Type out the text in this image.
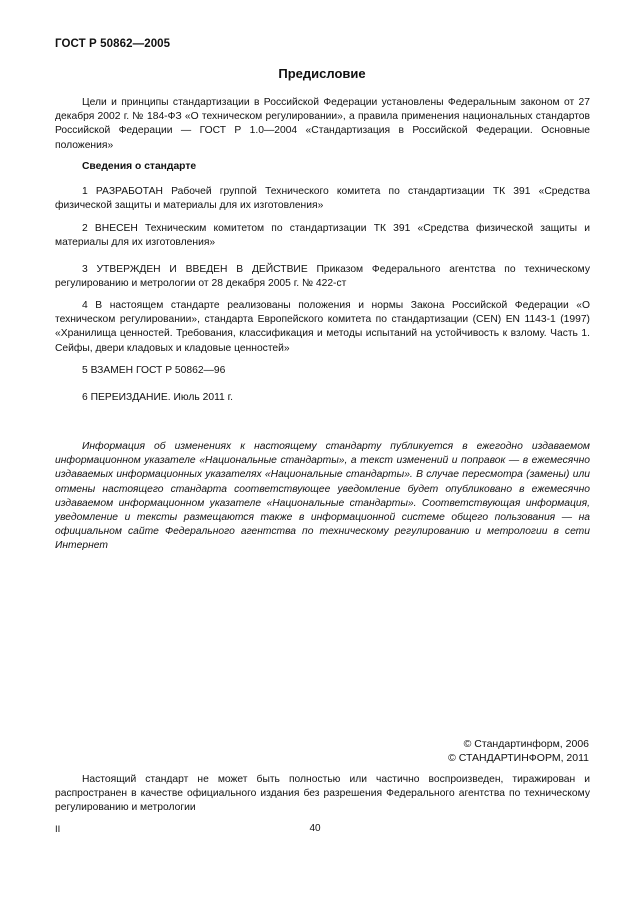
ГОСТ Р 50862—2005
Предисловие
Цели и принципы стандартизации в Российской Федерации установлены Федеральным законом от 27 декабря 2002 г. № 184-ФЗ «О техническом регулировании», а правила применения национальных стандартов Российской Федерации — ГОСТ Р 1.0—2004 «Стандартизация в Российской Федерации. Основные положения»
Сведения о стандарте
1 РАЗРАБОТАН Рабочей группой Технического комитета по стандартизации ТК 391 «Средства физической защиты и материалы для их изготовления»
2 ВНЕСЕН Техническим комитетом по стандартизации ТК 391 «Средства физической защиты и материалы для их изготовления»
3 УТВЕРЖДЕН И ВВЕДЕН В ДЕЙСТВИЕ Приказом Федерального агентства по техническому регулированию и метрологии от 28 декабря 2005 г. № 422-ст
4 В настоящем стандарте реализованы положения и нормы Закона Российской Федерации «О техническом регулировании», стандарта Европейского комитета по стандартизации (CEN) EN 1143-1 (1997) «Хранилища ценностей. Требования, классификация и методы испытаний на устойчивость к взлому. Часть 1. Сейфы, двери кладовых и кладовые ценностей»
5 ВЗАМЕН ГОСТ Р 50862—96
6 ПЕРЕИЗДАНИЕ. Июль 2011 г.
Информация об изменениях к настоящему стандарту публикуется в ежегодно издаваемом информационном указателе «Национальные стандарты», а текст изменений и поправок — в ежемесячно издаваемых информационных указателях «Национальные стандарты». В случае пересмотра (замены) или отмены настоящего стандарта соответствующее уведомление будет опубликовано в ежемесячно издаваемом информационном указателе «Национальные стандарты». Соответствующая информация, уведомление и тексты размещаются также в информационной системе общего пользования — на официальном сайте Федерального агентства по техническому регулированию и метрологии в сети Интернет
© Стандартинформ, 2006
© СТАНДАРТИНФОРМ, 2011
Настоящий стандарт не может быть полностью или частично воспроизведен, тиражирован и распространен в качестве официального издания без разрешения Федерального агентства по техническому регулированию и метрологии
II	40
